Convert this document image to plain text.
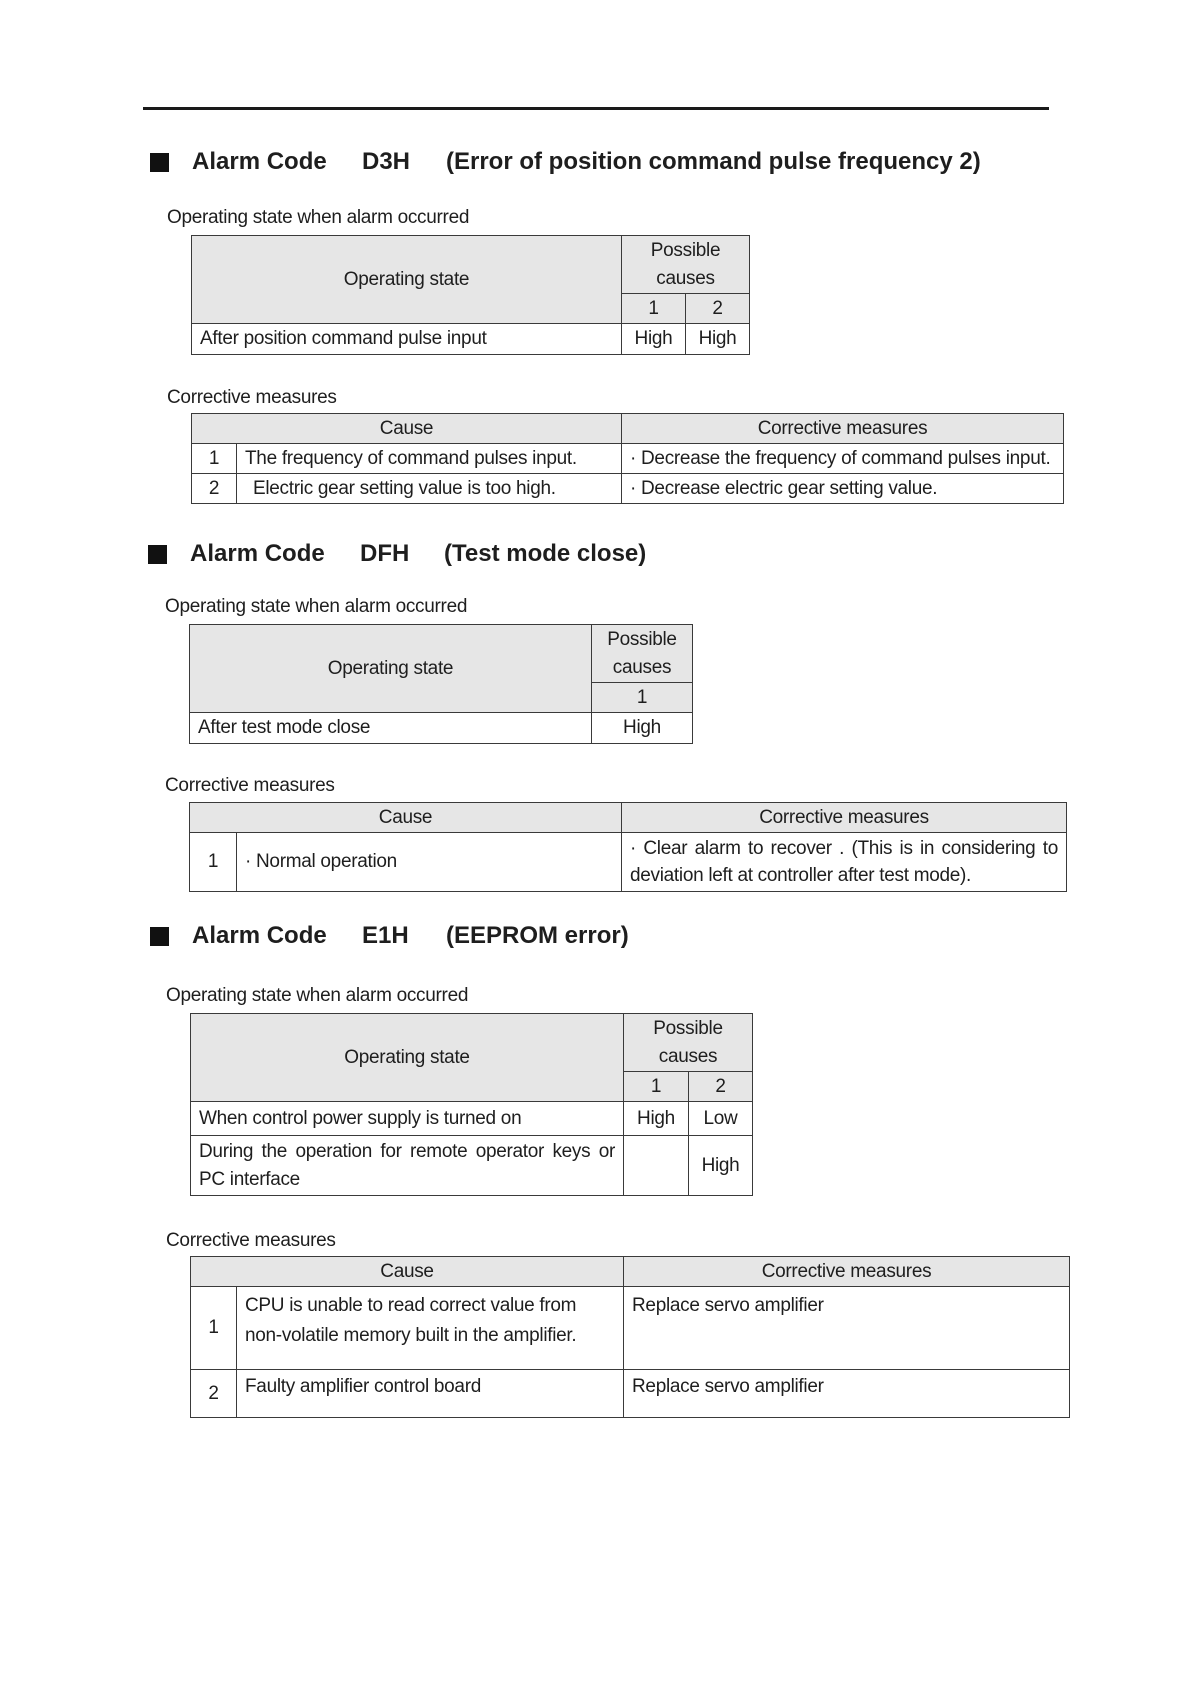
Alarm Code	D3H	(Error of position command pulse frequency 2)
Operating state when alarm occurred
Operating state	Possible causes	
	1	2
After position command pulse input	High	High
Corrective measures
Cause		Corrective measures
1	The frequency of command pulses input.	· Decrease the frequency of command pulses input.
2	Electric gear setting value is too high.	· Decrease electric gear setting value.
Alarm Code	DFH	(Test mode close)
Operating state when alarm occurred
Operating state	Possible causes
	1
After test mode close	High
Corrective measures
Cause		Corrective measures
1	· Normal operation	· Clear alarm to recover . (This is in considering to deviation left at controller after test mode).
Alarm Code	E1H	(EEPROM error)
Operating state when alarm occurred
Operating state	Possible causes	
	1	2
When control power supply is turned on	High	Low
During the operation for remote operator keys or PC interface		High
Corrective measures
Cause		Corrective measures
1	CPU is unable to read correct value from non-volatile memory built in the amplifier.	Replace servo amplifier
2	Faulty amplifier control board	Replace servo amplifier
